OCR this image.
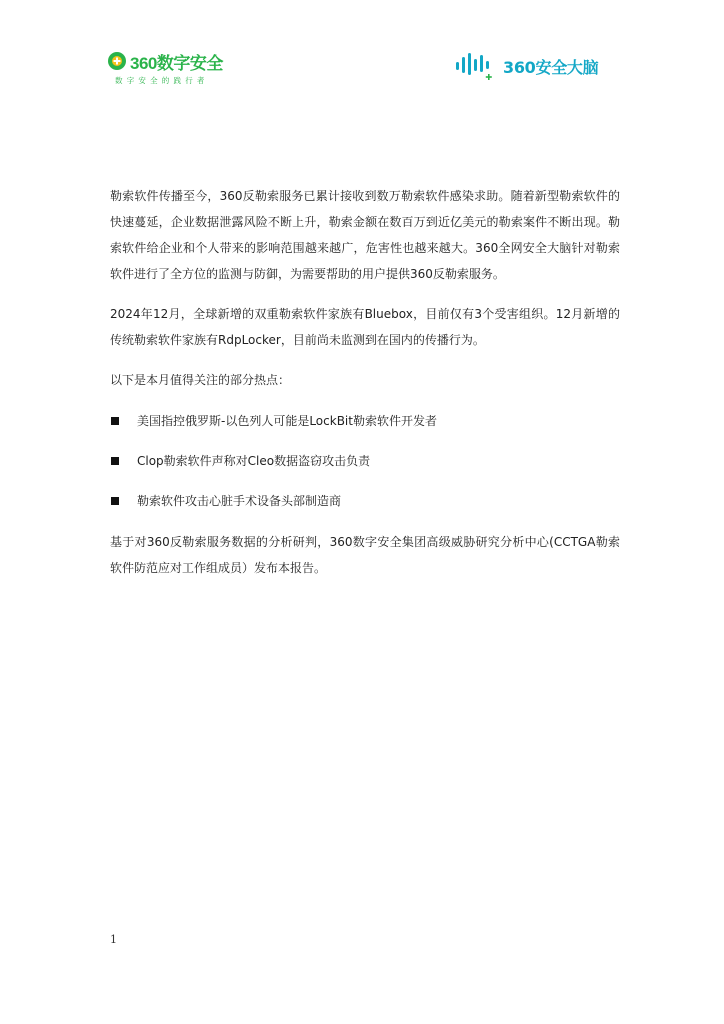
360数字安全
数字安全的践行者
360安全大脑

勒索软件传播至今，360反勒索服务已累计接收到数万勒索软件感染求助。随着新型勒索软件的快速蔓延，企业数据泄露风险不断上升，勒索金额在数百万到近亿美元的勒索案件不断出现。勒索软件给企业和个人带来的影响范围越来越广，危害性也越来越大。360全网安全大脑针对勒索软件进行了全方位的监测与防御，为需要帮助的用户提供360反勒索服务。

2024年12月，全球新增的双重勒索软件家族有Bluebox，目前仅有3个受害组织。12月新增的传统勒索软件家族有RdpLocker，目前尚未监测到在国内的传播行为。

以下是本月值得关注的部分热点：

美国指控俄罗斯-以色列人可能是LockBit勒索软件开发者
Clop勒索软件声称对Cleo数据盗窃攻击负责
勒索软件攻击心脏手术设备头部制造商

基于对360反勒索服务数据的分析研判，360数字安全集团高级威胁研究分析中心(CCTGA勒索软件防范应对工作组成员）发布本报告。

1
